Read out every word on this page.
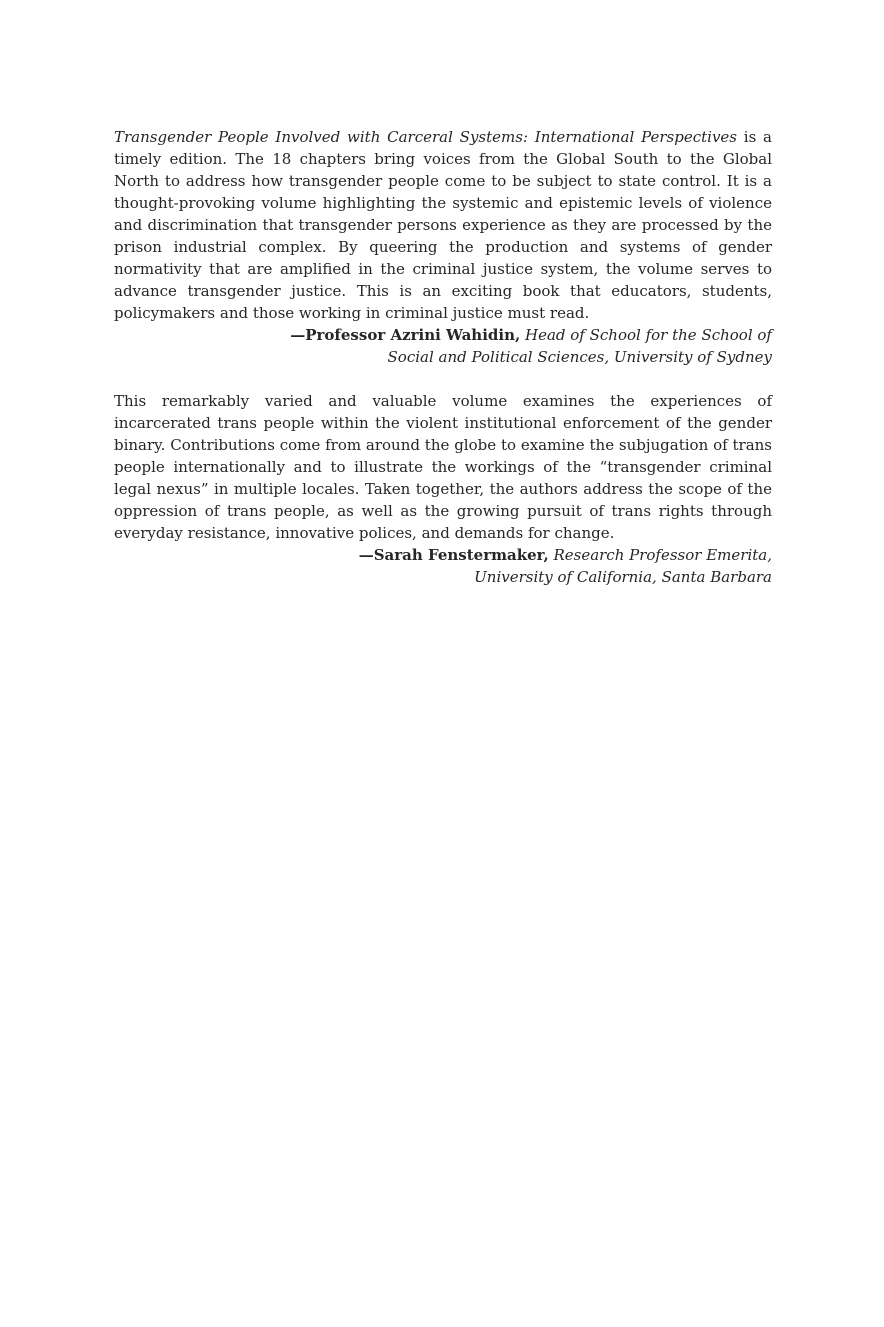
Transgender People Involved with Carceral Systems: International Perspectives is a timely edition. The 18 chapters bring voices from the Global South to the Global North to address how transgender people come to be subject to state control. It is a thought-provoking volume highlighting the systemic and epistemic levels of violence and discrimination that transgender persons experience as they are processed by the prison industrial complex. By queering the production and systems of gender normativity that are amplified in the criminal justice system, the volume serves to advance transgender justice. This is an exciting book that educators, students, policymakers and those working in criminal justice must read.

—Professor Azrini Wahidin, Head of School for the School of

Social and Political Sciences, University of Sydney

This remarkably varied and valuable volume examines the experiences of incarcerated trans people within the violent institutional enforcement of the gender binary. Contributions come from around the globe to examine the subjugation of trans people internationally and to illustrate the workings of the “transgender criminal legal nexus” in multiple locales. Taken together, the authors address the scope of the oppression of trans people, as well as the growing pursuit of trans rights through everyday resistance, innovative polices, and demands for change.

—Sarah Fenstermaker, Research Professor Emerita,

University of California, Santa Barbara
